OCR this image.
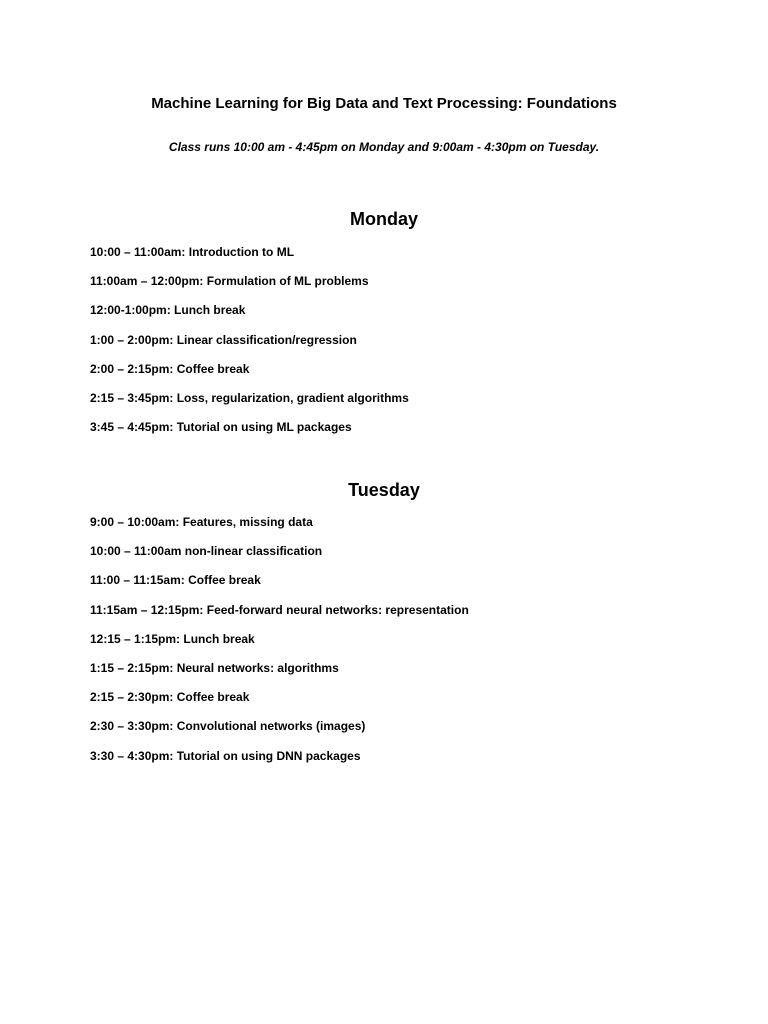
Machine Learning for Big Data and Text Processing: Foundations

Class runs 10:00 am - 4:45pm on Monday and 9:00am - 4:30pm on Tuesday.

Monday
10:00 – 11:00am: Introduction to ML
11:00am – 12:00pm: Formulation of ML problems
12:00-1:00pm: Lunch break
1:00 – 2:00pm: Linear classification/regression
2:00 – 2:15pm: Coffee break
2:15 – 3:45pm: Loss, regularization, gradient algorithms
3:45 – 4:45pm: Tutorial on using ML packages
Tuesday
9:00 – 10:00am: Features, missing data
10:00 – 11:00am non-linear classification
11:00 – 11:15am: Coffee break
11:15am – 12:15pm: Feed-forward neural networks: representation
12:15 – 1:15pm: Lunch break
1:15 – 2:15pm: Neural networks: algorithms
2:15 – 2:30pm: Coffee break
2:30 – 3:30pm: Convolutional networks (images)
3:30 – 4:30pm: Tutorial on using DNN packages
